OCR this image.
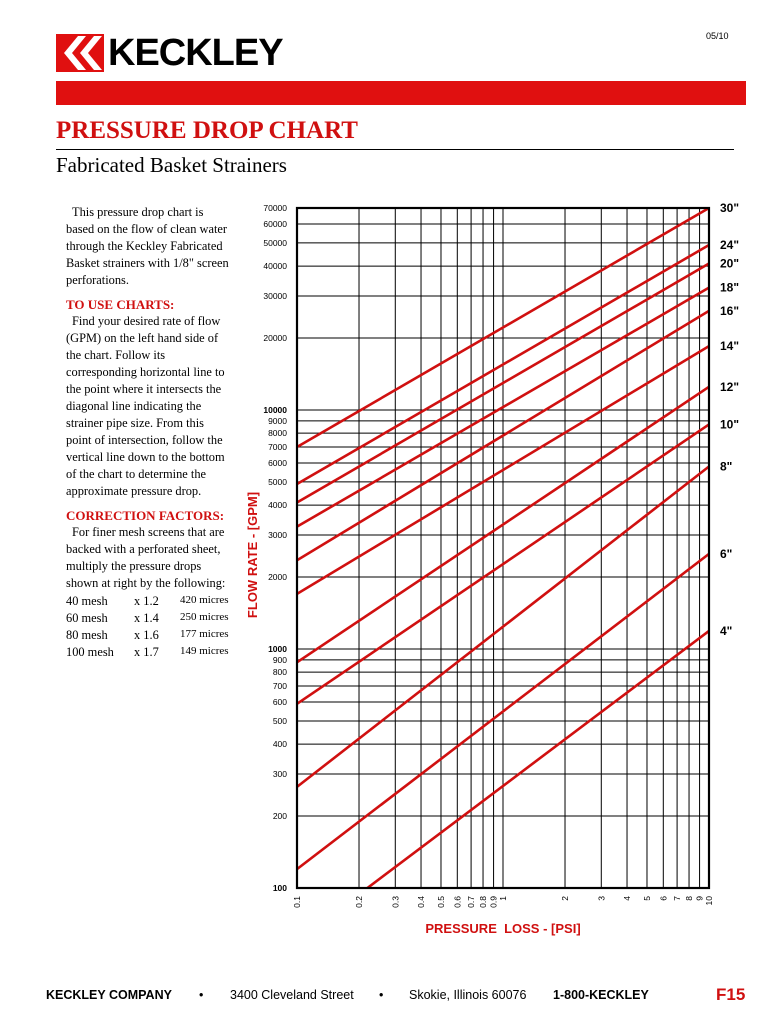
KECKLEY	05/10
PRESSURE DROP CHART
Fabricated Basket Strainers

This pressure drop chart is based on the flow of clean water through the Keckley Fabricated Basket strainers with 1/8" screen perforations.

TO USE CHARTS:

Find your desired rate of flow (GPM) on the left hand side of the chart. Follow its corresponding horizontal line to the point where it intersects the diagonal line indicating the strainer pipe size. From this point of intersection, follow the vertical line down to the bottom of the chart to determine the approximate pressure drop.

CORRECTION FACTORS:

For finer mesh screens that are backed with a perforated sheet, multiply the pressure drops shown at right by the following:

40 mesh	x 1.2	420 micres
60 mesh	x 1.4	250 micres
80 mesh	x 1.6	177 micres
100 mesh	x 1.7	149 micres
0.1	0.2	0.3 0.4 0.5 0.6 0.7 0.8 0.9 1	2	3 4 5 6 7 8 9 10
100
200
300
400
500
600
700
800
900
1000
2000
3000
4000
5000
6000
7000
8000
9000
10000
20000
30000
40000
50000
60000
70000	30"
24"
20"
18"
16"
14"
12"
10"
8"
6"
4"
FLOW RATE - [GPM]
PRESSURE  LOSS - [PSI]
KECKLEY COMPANY • 3400 Cleveland Street • Skokie, Illinois 60076 1-800-KECKLEY	F15
